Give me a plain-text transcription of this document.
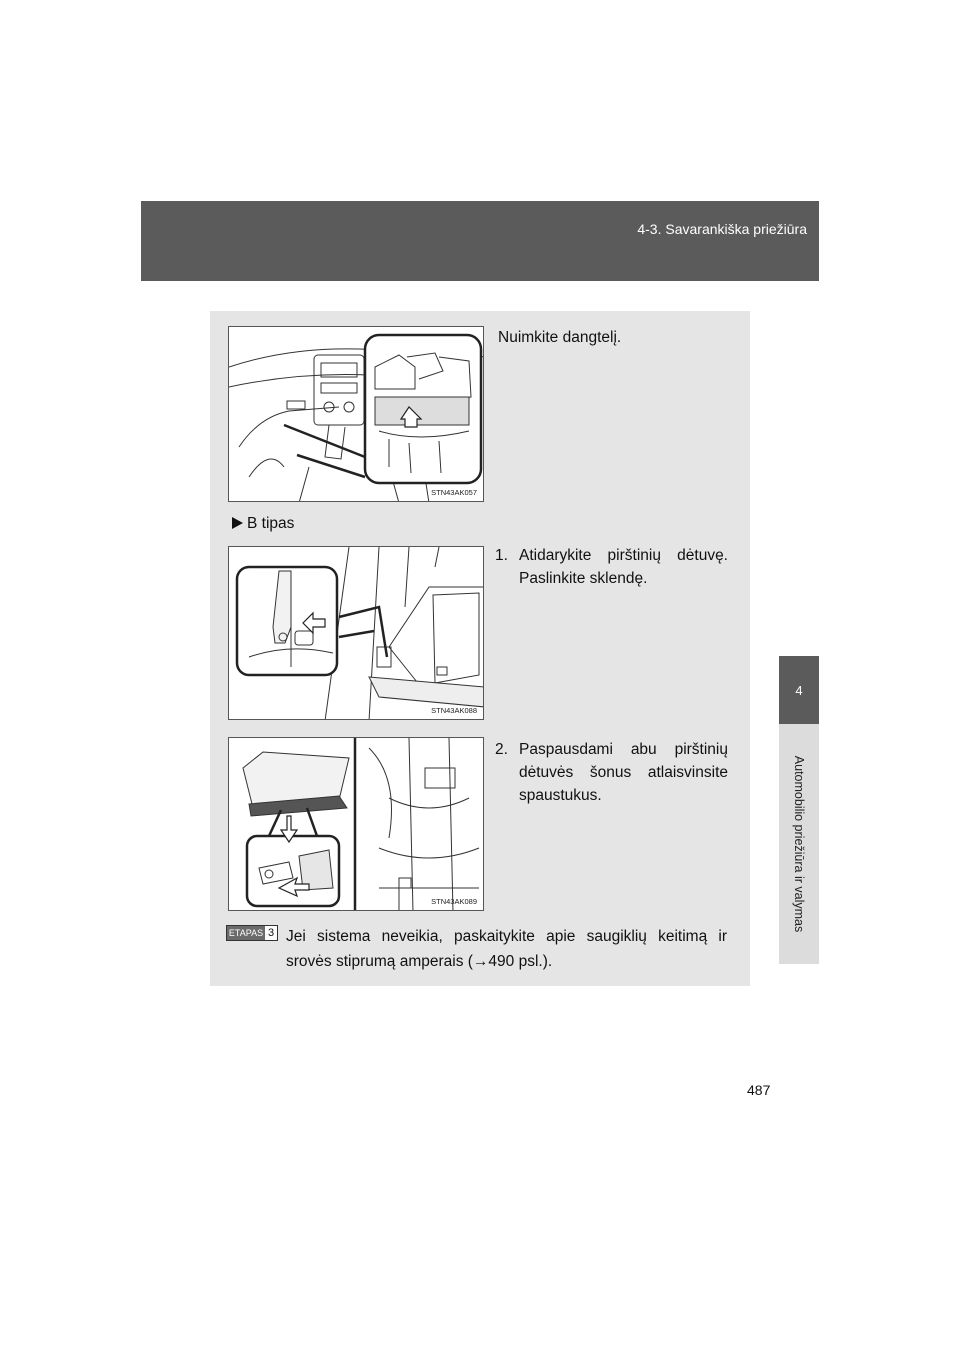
4-3. Savarankiška priežiūra
4
Automobilio priežiūra ir valymas
STN43AK057
Nuimkite dangtelį.
B tipas
STN43AK088
1. Atidarykite pirštinių dėtuvę. Paslinkite sklendę.
STN43AK089
2. Paspausdami abu pirštinių dėtuvės šonus atlaisvinsite spaustukus.
ETAPAS 3 Jei sistema neveikia, paskaitykite apie saugiklių keitimą ir
srovės stiprumą amperais (→490 psl.).
487
